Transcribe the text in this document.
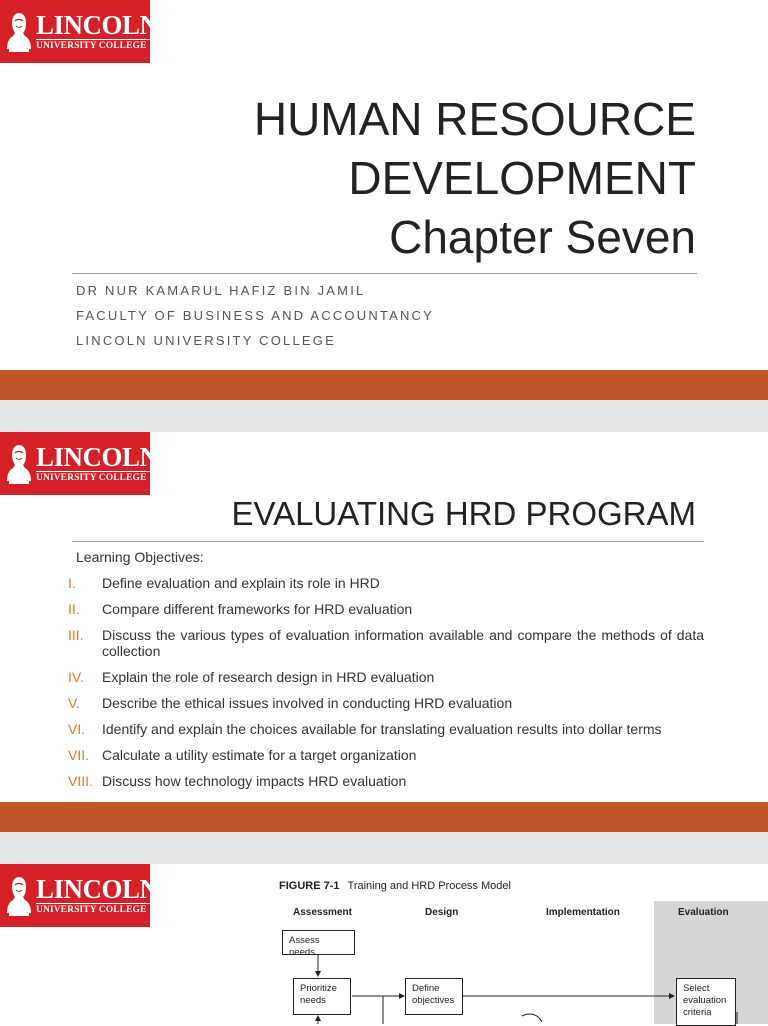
LINCOLN
UNIVERSITY COLLEGE
HUMAN RESOURCE
DEVELOPMENT
Chapter Seven
DR NUR KAMARUL HAFIZ BIN JAMIL
FACULTY OF BUSINESS AND ACCOUNTANCY
LINCOLN UNIVERSITY COLLEGE
LINCOLN
UNIVERSITY COLLEGE
EVALUATING HRD PROGRAM
Learning Objectives:
I.	Define evaluation and explain its role in HRD
II.	Compare different frameworks for HRD evaluation
III.	Discuss the various types of evaluation information available and compare the methods of data collection
IV.	Explain the role of research design in HRD evaluation
V.	Describe the ethical issues involved in conducting HRD evaluation
VI.	Identify and explain the choices available for translating evaluation results into dollar terms
VII. Calculate a utility estimate for a target organization
VIII. Discuss how technology impacts HRD evaluation
LINCOLN
UNIVERSITY COLLEGE
FIGURE 7-1 Training and HRD Process Model
Assessment	Design	Implementation	Evaluation
Assess needs
Prioritize needs
Define objectives
Select evaluation criteria
